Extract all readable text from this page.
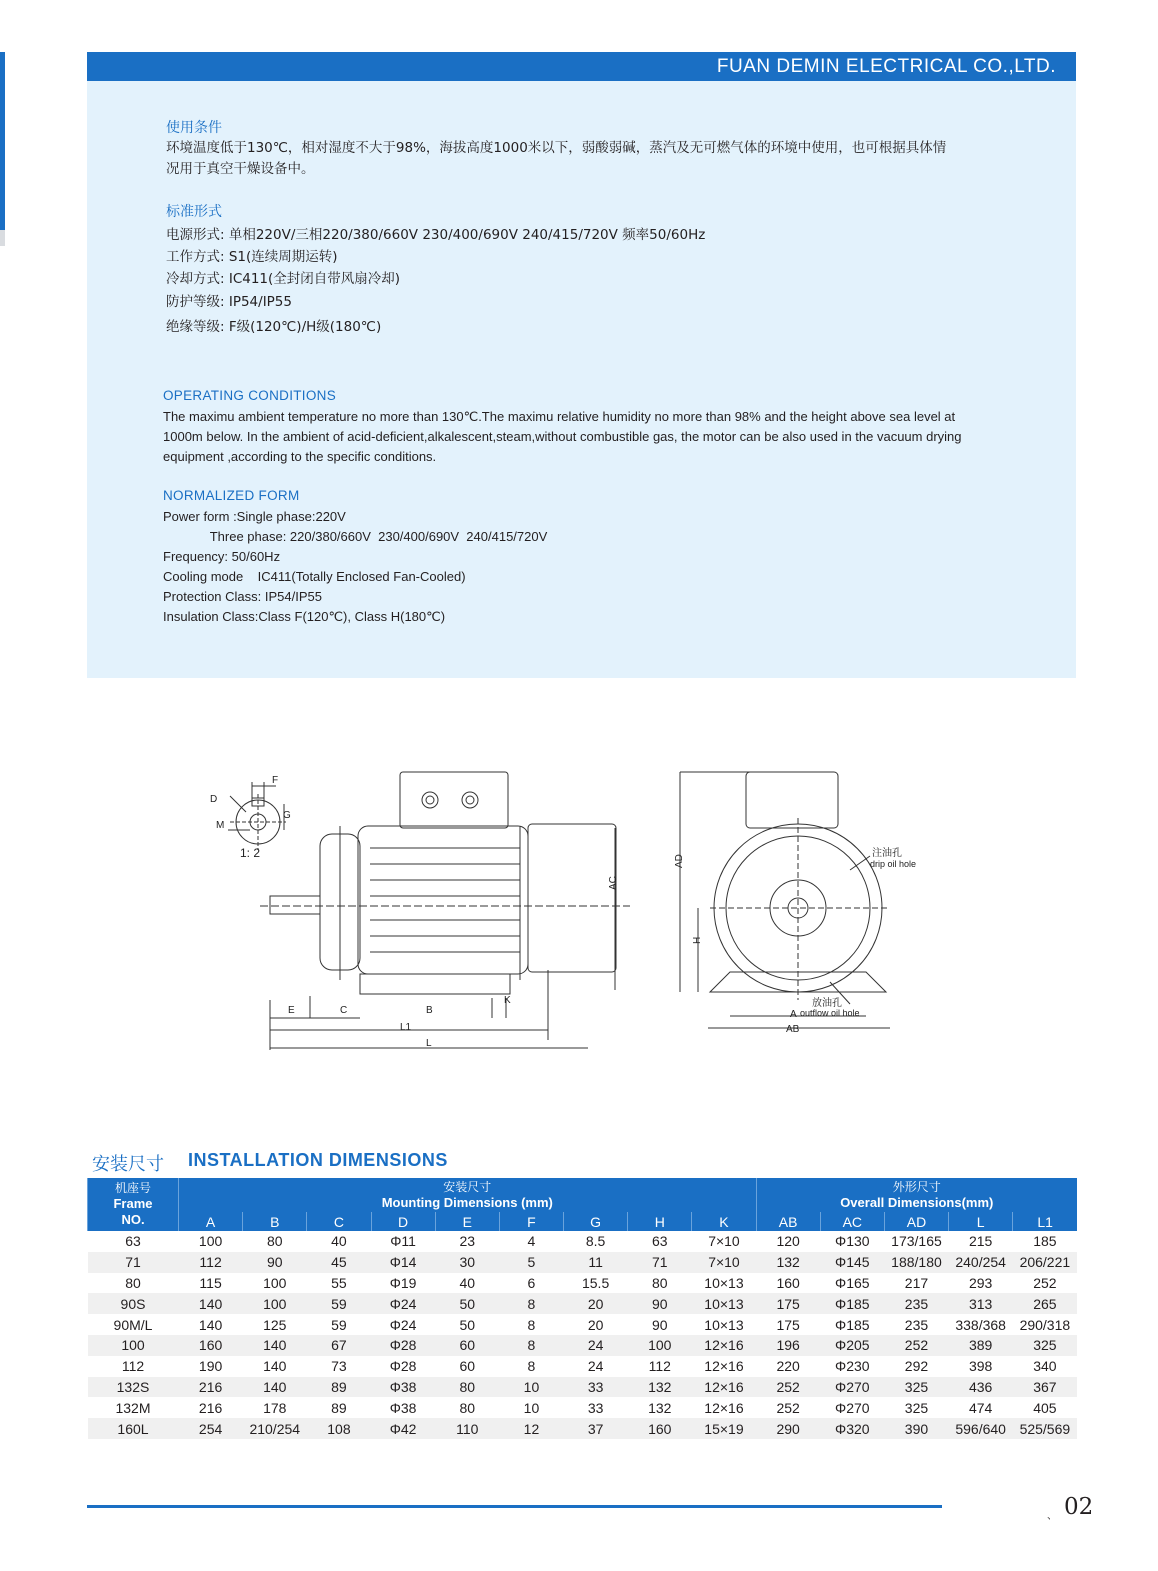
FUAN DEMIN ELECTRICAL CO.,LTD.
使用条件
环境温度低于130℃，相对湿度不大于98%，海拔高度1000米以下，弱酸弱碱，蒸汽及无可燃气体的环境中使用，也可根据具体情况用于真空干燥设备中。
标准形式
电源形式: 单相220V/三相220/380/660V 230/400/690V 240/415/720V 频率50/60Hz
工作方式: S1(连续周期运转)
冷却方式: IC411(全封闭自带风扇冷却)
防护等级: IP54/IP55
绝缘等级: F级(120℃)/H级(180℃)
OPERATING CONDITIONS
The maximu ambient temperature no more than 130℃.The maximu relative humidity no more than 98% and the height above sea level at 1000m below. In the ambient of acid-deficient,alkalescent,steam,without combustible gas, the motor can be also used in the vacuum drying equipment ,according to the specific conditions.
NORMALIZED FORM
Power form :Single phase:220V
Three phase: 220/380/660V  230/400/690V  240/415/720V
Frequency: 50/60Hz
Cooling mode    IC411(Totally Enclosed Fan-Cooled)
Protection Class: IP54/IP55
Insulation Class:Class F(120℃), Class H(180℃)
F
D
M
G
1: 2
E	C	B
K
L1
L
AC
AD
H
A
AB
注油孔
drip oil hole
放油孔
outflow oil hole
安装尺寸 INSTALLATION DIMENSIONS
机座号
Frame
NO.	安装尺寸
Mounting Dimensions (mm)									外形尺寸
Overall Dimensions(mm)				
	A	B	C	D	E	F	G	H	K	AB	AC	AD	L	L1
63	100	80	40	Φ11	23	4	8.5	63	7×10	120	Φ130	173/165	215	185
71	112	90	45	Φ14	30	5	11	71	7×10	132	Φ145	188/180	240/254	206/221
80	115	100	55	Φ19	40	6	15.5	80	10×13	160	Φ165	217	293	252
90S	140	100	59	Φ24	50	8	20	90	10×13	175	Φ185	235	313	265
90M/L	140	125	59	Φ24	50	8	20	90	10×13	175	Φ185	235	338/368	290/318
100	160	140	67	Φ28	60	8	24	100	12×16	196	Φ205	252	389	325
112	190	140	73	Φ28	60	8	24	112	12×16	220	Φ230	292	398	340
132S	216	140	89	Φ38	80	10	33	132	12×16	252	Φ270	325	436	367
132M	216	178	89	Φ38	80	10	33	132	12×16	252	Φ270	325	474	405
160L	254	210/254	108	Φ42	110	12	37	160	15×19	290	Φ320	390	596/640	525/569
、 02
